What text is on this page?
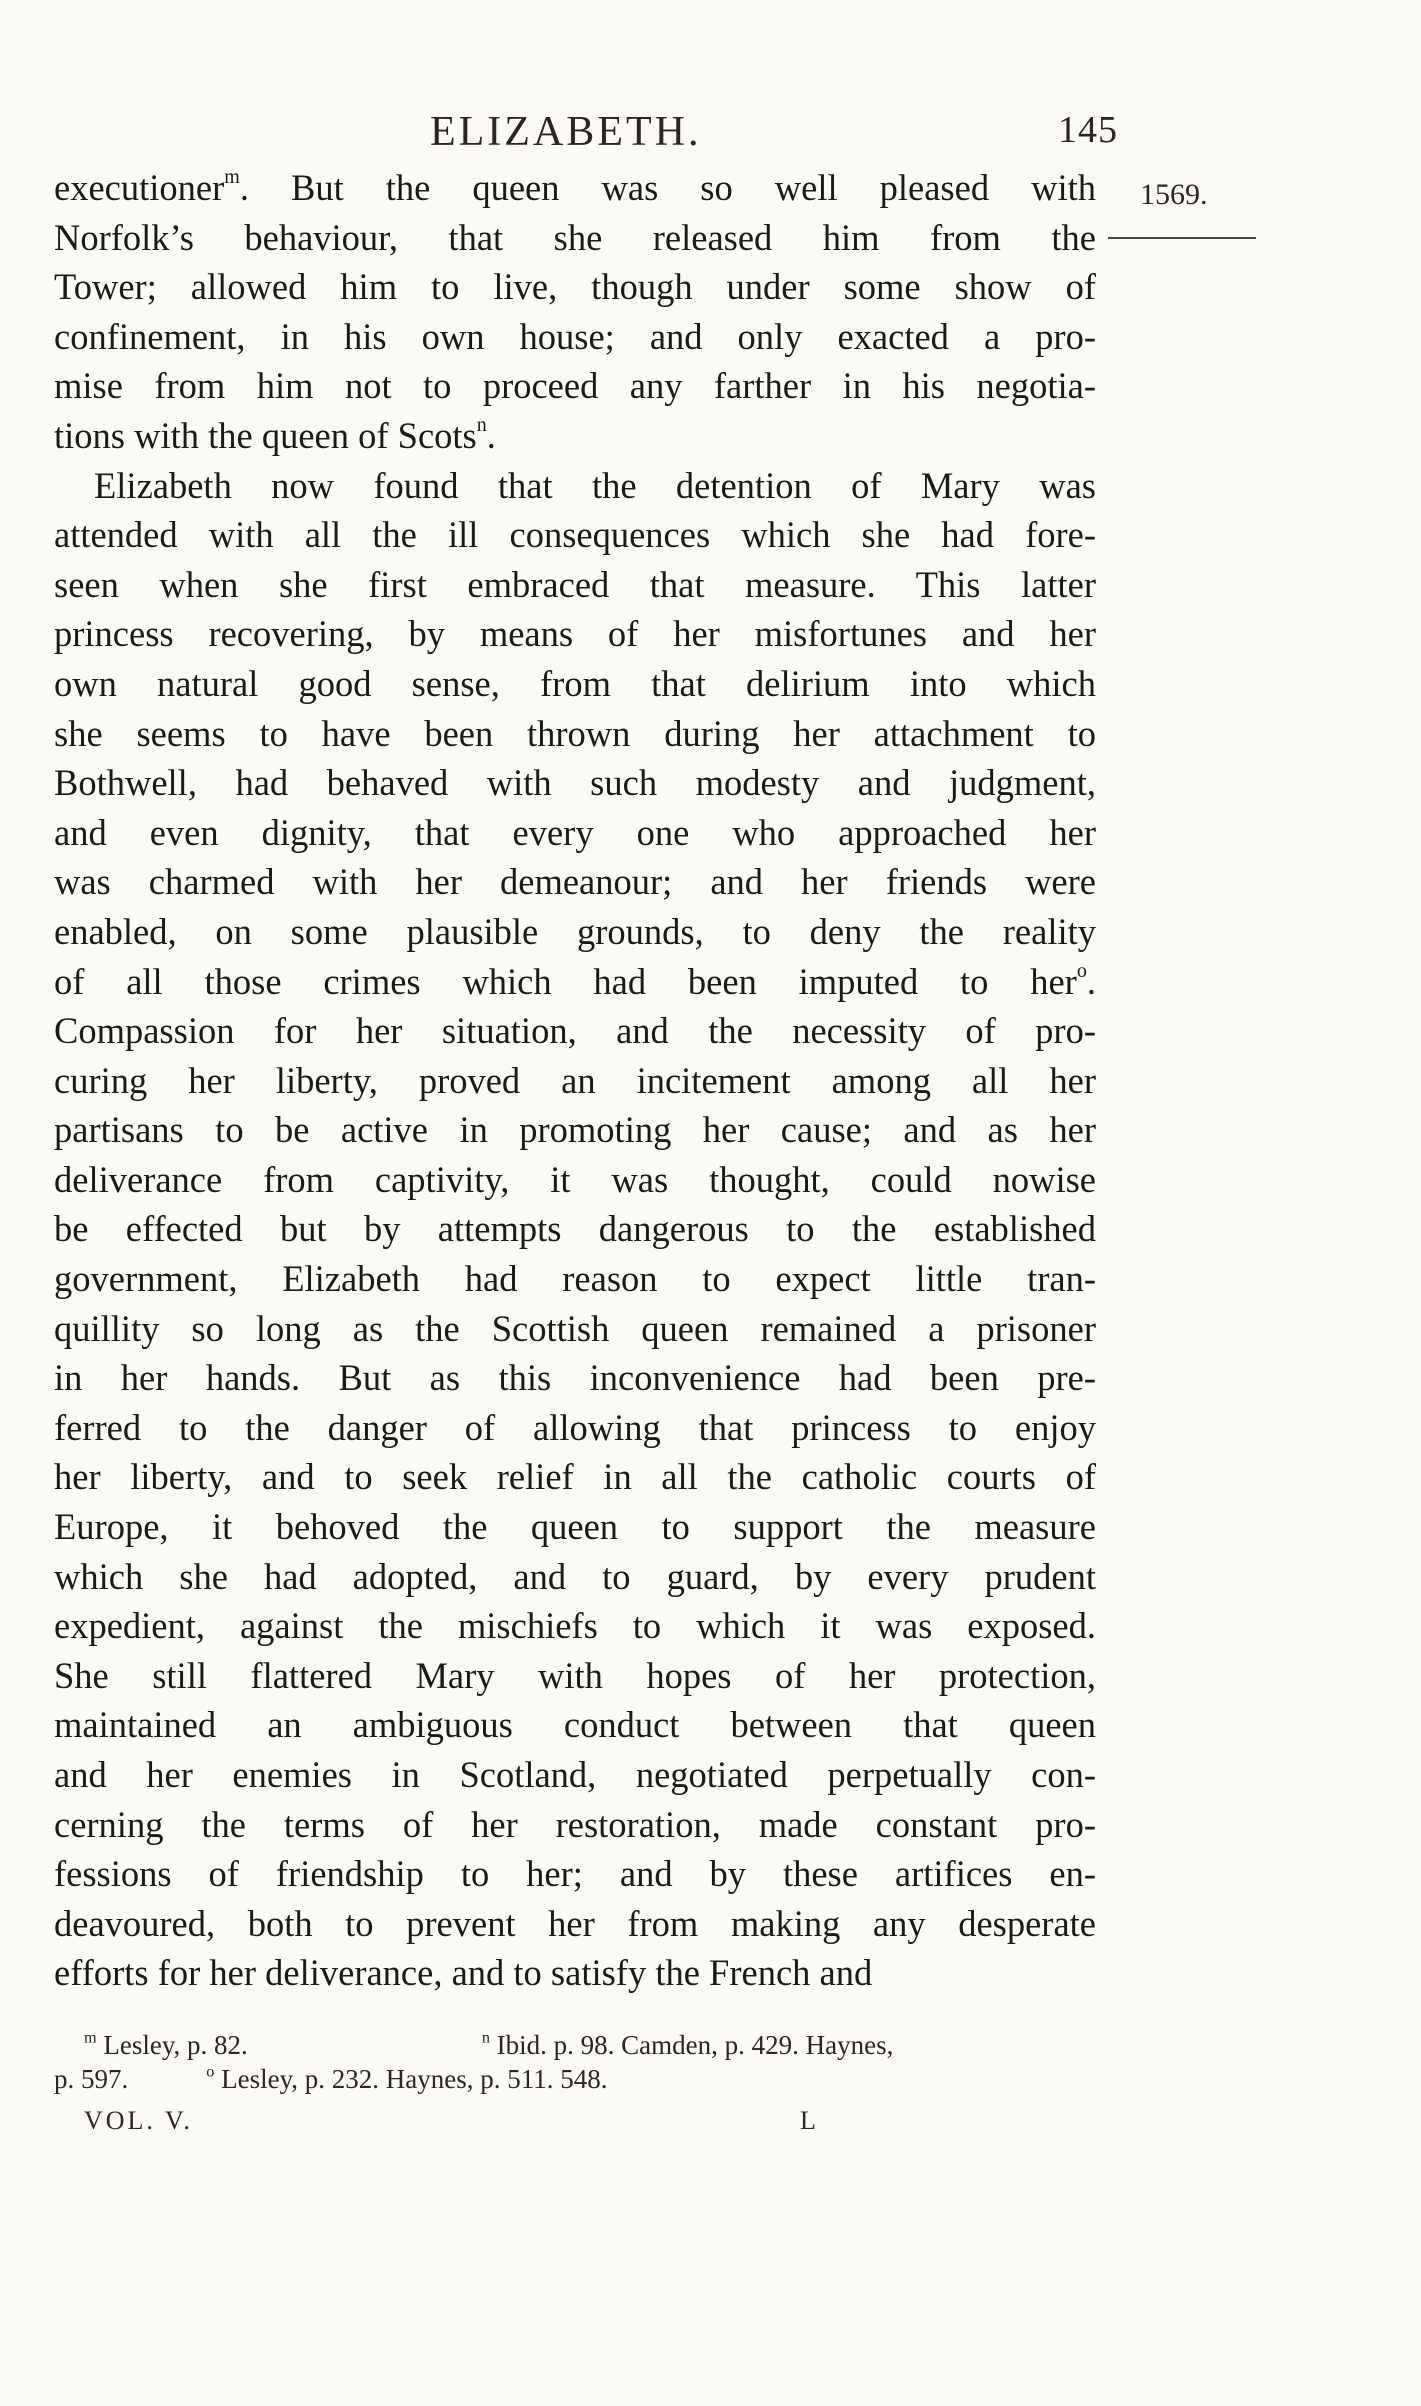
ELIZABETH.	145
1569.
executioner$^m$. But the queen was so well pleased with
Norfolk’s behaviour, that she released him from the
Tower; allowed him to live, though under some show of
confinement, in his own house; and only exacted a pro-
mise from him not to proceed any farther in his negotia-
tions with the queen of Scots$^n$.
Elizabeth now found that the detention of Mary was
attended with all the ill consequences which she had fore-
seen when she first embraced that measure. This latter
princess recovering, by means of her misfortunes and her
own natural good sense, from that delirium into which
she seems to have been thrown during her attachment to
Bothwell, had behaved with such modesty and judgment,
and even dignity, that every one who approached her
was charmed with her demeanour; and her friends were
enabled, on some plausible grounds, to deny the reality
of all those crimes which had been imputed to her$^o$.
Compassion for her situation, and the necessity of pro-
curing her liberty, proved an incitement among all her
partisans to be active in promoting her cause; and as her
deliverance from captivity, it was thought, could nowise
be effected but by attempts dangerous to the established
government, Elizabeth had reason to expect little tran-
quillity so long as the Scottish queen remained a prisoner
in her hands. But as this inconvenience had been pre-
ferred to the danger of allowing that princess to enjoy
her liberty, and to seek relief in all the catholic courts of
Europe, it behoved the queen to support the measure
which she had adopted, and to guard, by every prudent
expedient, against the mischiefs to which it was exposed.
She still flattered Mary with hopes of her protection,
maintained an ambiguous conduct between that queen
and her enemies in Scotland, negotiated perpetually con-
cerning the terms of her restoration, made constant pro-
fessions of friendship to her; and by these artifices en-
deavoured, both to prevent her from making any desperate
efforts for her deliverance, and to satisfy the French and
$^m$ Lesley, p. 82.	$^n$ Ibid. p. 98. Camden, p. 429. Haynes,
p. 597.	$^o$ Lesley, p. 232. Haynes, p. 511. 548.
VOL. V.	L
